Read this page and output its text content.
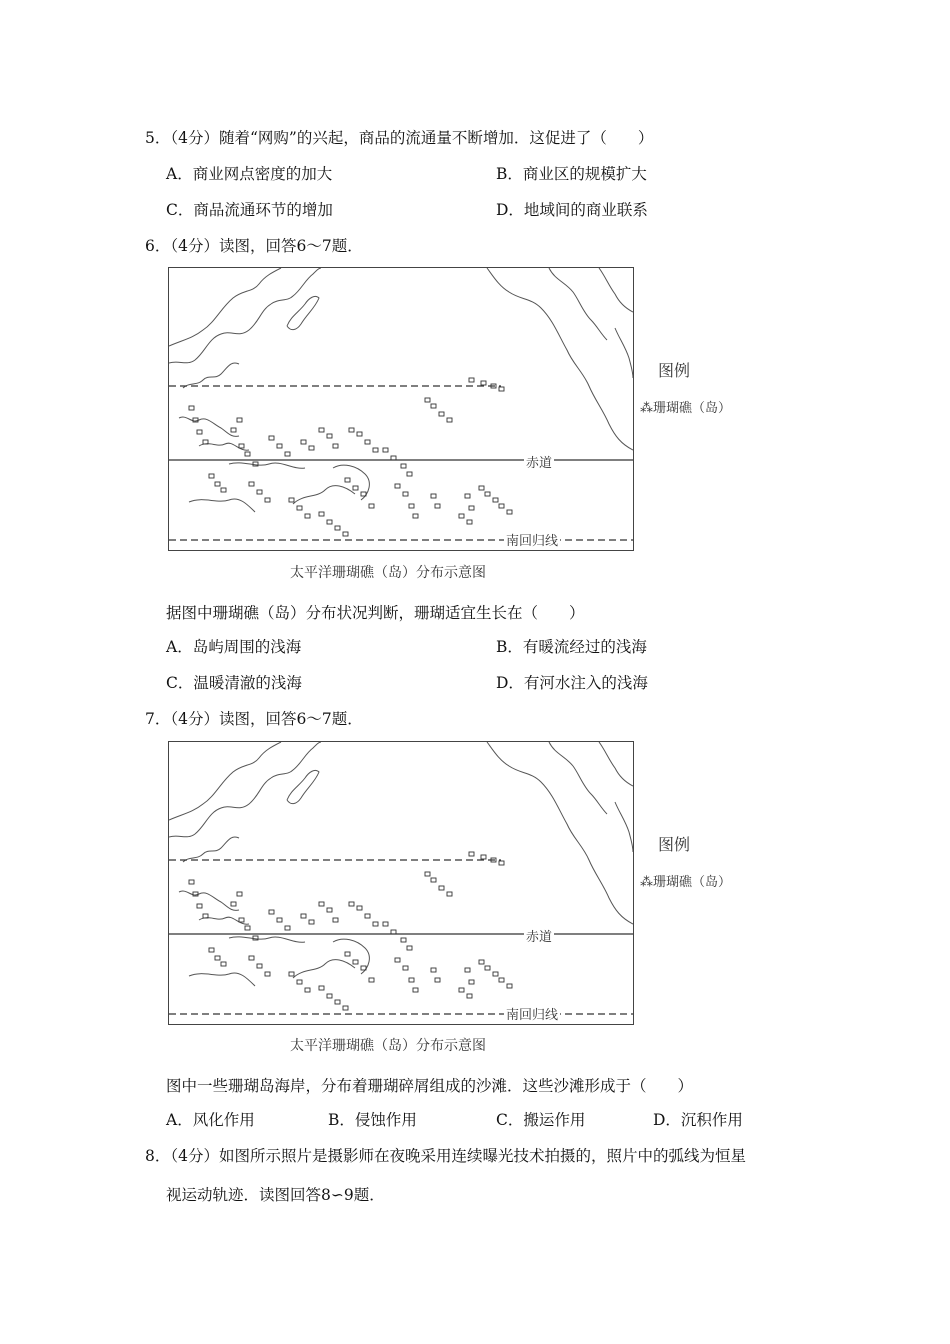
5．（4分）随着“网购”的兴起，商品的流通量不断增加．这促进了（　　）
A．商业网点密度的加大	B．商业区的规模扩大
C．商品流通环节的增加	D．地域间的商业联系
6．（4分）读图，回答6～7题．
赤道
南回归线
图例
⁂珊瑚礁（岛）
太平洋珊瑚礁（岛）分布示意图
据图中珊瑚礁（岛）分布状况判断，珊瑚适宜生长在（　　）
A．岛屿周围的浅海	B．有暖流经过的浅海
C．温暖清澈的浅海	D．有河水注入的浅海
7．（4分）读图，回答6～7题．
赤道
南回归线
图例
⁂珊瑚礁（岛）
太平洋珊瑚礁（岛）分布示意图
图中一些珊瑚岛海岸，分布着珊瑚碎屑组成的沙滩．这些沙滩形成于（　　）
A．风化作用	B．侵蚀作用	C．搬运作用	D．沉积作用
8．（4分）如图所示照片是摄影师在夜晚采用连续曝光技术拍摄的，照片中的弧线为恒星
视运动轨迹．读图回答8∽9题．
